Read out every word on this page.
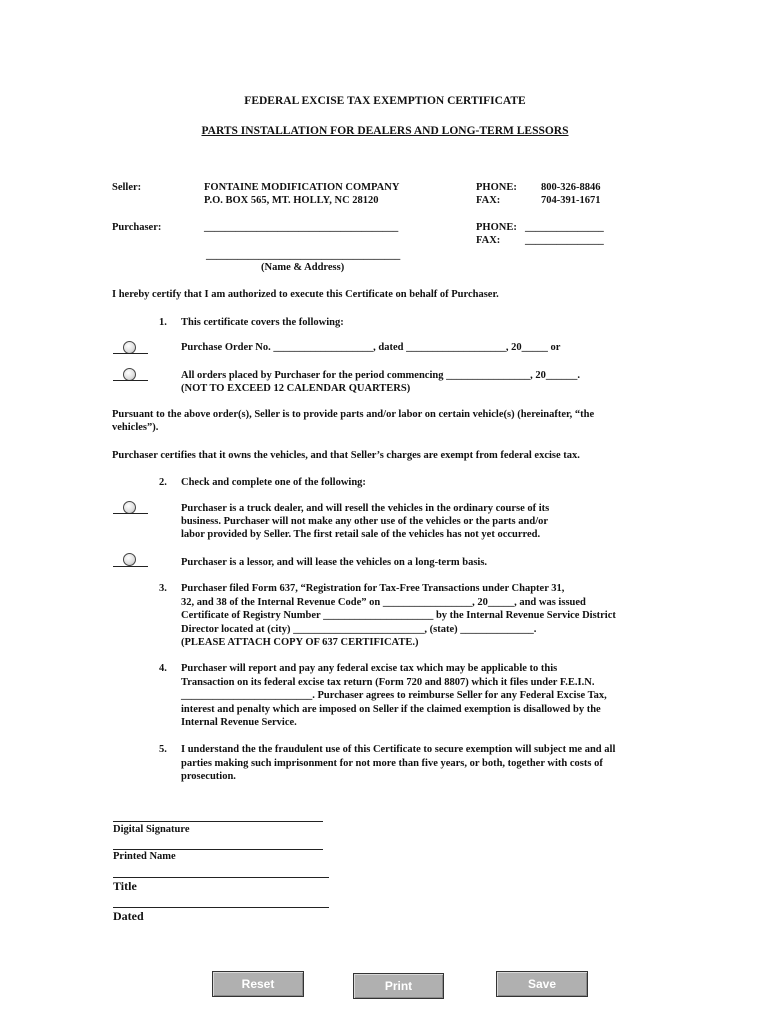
FEDERAL EXCISE TAX EXEMPTION CERTIFICATE
PARTS INSTALLATION FOR DEALERS AND LONG-TERM LESSORS
Seller:	FONTAINE MODIFICATION COMPANY
P.O. BOX 565, MT. HOLLY, NC 28120
PHONE: 800-326-8846
FAX:	704-391-1671
Purchaser:	_____________________________________	PHONE: _______________
FAX: _______________
_____________________________________
(Name & Address)
I hereby certify that I am authorized to execute this Certificate on behalf of Purchaser.
1. This certificate covers the following:
Purchase Order No. ___________________, dated ___________________, 20_____ or
All orders placed by Purchaser for the period commencing ________________, 20______.
(NOT TO EXCEED 12 CALENDAR QUARTERS)
Pursuant to the above order(s), Seller is to provide parts and/or labor on certain vehicle(s) (hereinafter, “the
vehicles”).
Purchaser certifies that it owns the vehicles, and that Seller’s charges are exempt from federal excise tax.
2. Check and complete one of the following:
Purchaser is a truck dealer, and will resell the vehicles in the ordinary course of its
business. Purchaser will not make any other use of the vehicles or the parts and/or
labor provided by Seller. The first retail sale of the vehicles has not yet occurred.
Purchaser is a lessor, and will lease the vehicles on a long-term basis.
3. Purchaser filed Form 637, “Registration for Tax-Free Transactions under Chapter 31,
32, and 38 of the Internal Revenue Code” on _________________, 20_____, and was issued
Certificate of Registry Number _____________________ by the Internal Revenue Service District
Director located at (city) _________________________, (state) ______________.
(PLEASE ATTACH COPY OF 637 CERTIFICATE.)
4. Purchaser will report and pay any federal excise tax which may be applicable to this
Transaction on its federal excise tax return (Form 720 and 8807) which it files under F.E.I.N.
_________________________. Purchaser agrees to reimburse Seller for any Federal Excise Tax,
interest and penalty which are imposed on Seller if the claimed exemption is disallowed by the
Internal Revenue Service.
5. I understand the the fraudulent use of this Certificate to secure exemption will subject me and all
parties making such imprisonment for not more than five years, or both, together with costs of
prosecution.
Digital Signature
Printed Name
Title
Dated
Reset	Print	Save
